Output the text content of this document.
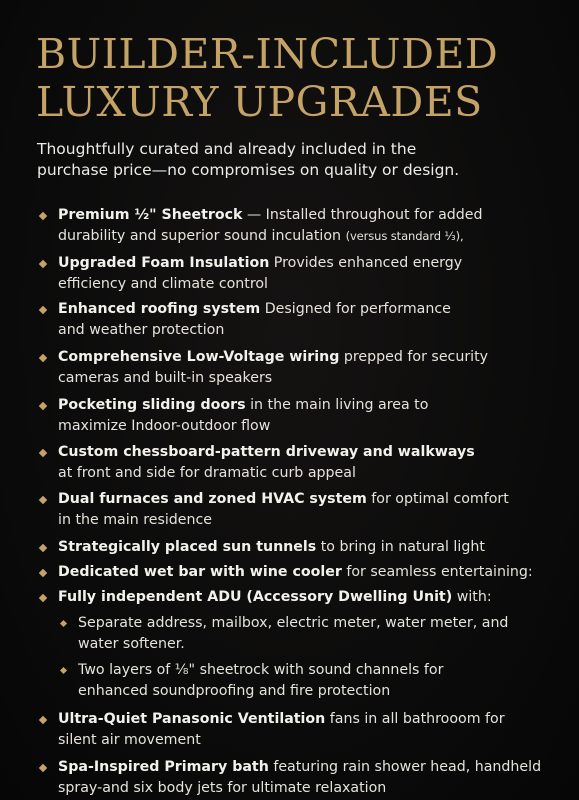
BUILDER-INCLUDED
LUXURY UPGRADES

Thoughtfully curated and already included in the
purchase price—no compromises on quality or design.

Premium ½" Sheetrock — Installed throughout for added
durability and superior sound inculation (versus standard ⅓),
Upgraded Foam Insulation Provides enhanced energy
efficiency and climate control
Enhanced roofing system Designed for performance
and weather protection
Comprehensive Low-Voltage wiring prepped for security
cameras and built-in speakers
Pocketing sliding doors in the main living area to
maximize Indoor-outdoor flow
Custom chessboard-pattern driveway and walkways
at front and side for dramatic curb appeal
Dual furnaces and zoned HVAC system for optimal comfort
in the main residence
Strategically placed sun tunnels to bring in natural light
Dedicated wet bar with wine cooler for seamless entertaining:
Fully independent ADU (Accessory Dwelling Unit) with:
Separate address, mailbox, electric meter, water meter, and
water softener.
Two layers of ⅛" sheetrock with sound channels for
enhanced soundproofing and fire protection
Ultra-Quiet Panasonic Ventilation fans in all bathrooom for
silent air movement
Spa-Inspired Primary bath featuring rain shower head, handheld
spray-and six body jets for ultimate relaxation
